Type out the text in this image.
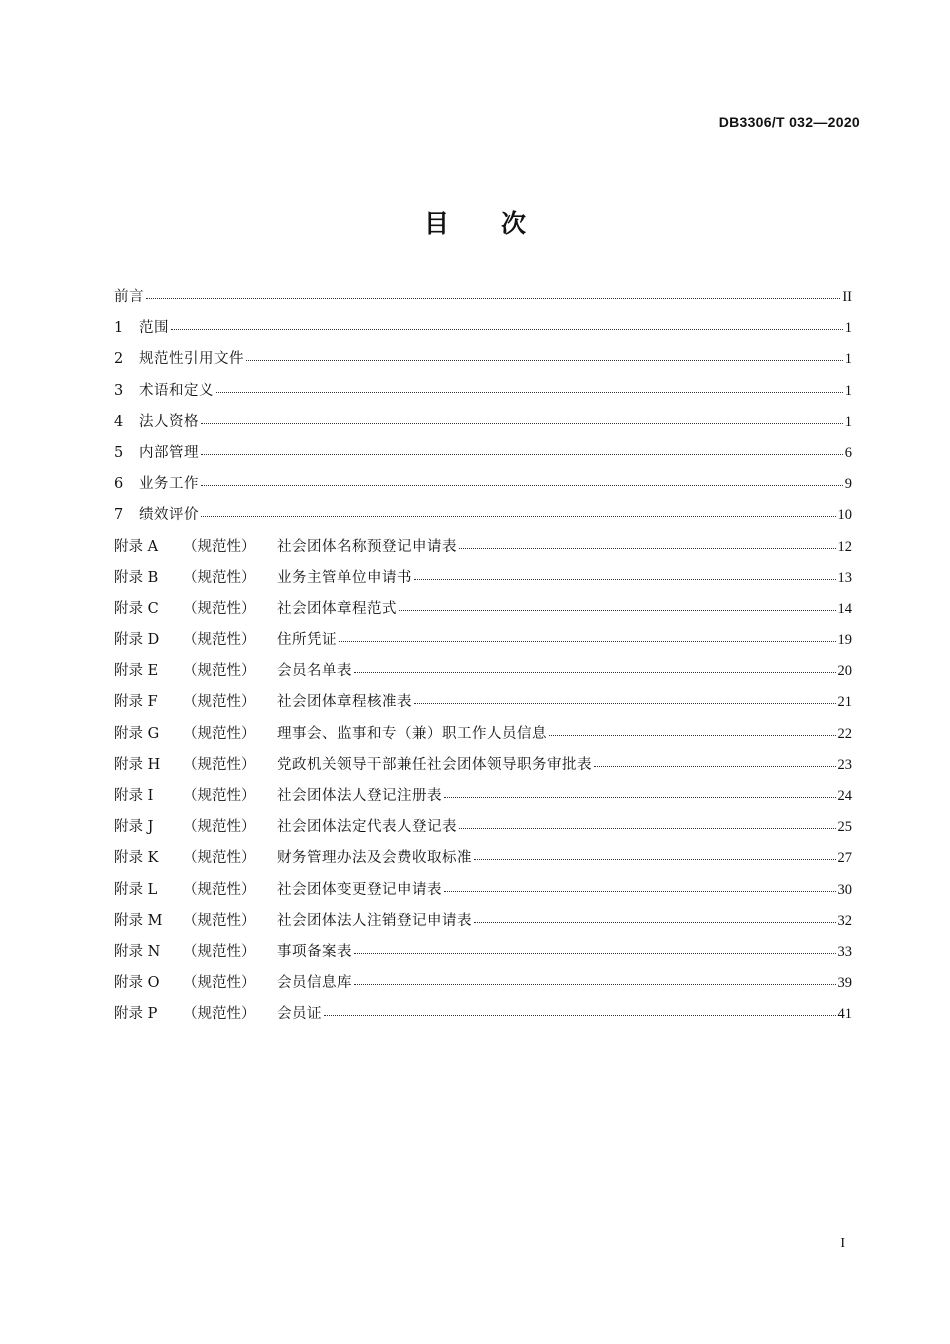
DB3306/T 032—2020
目 次
前言	II
1	范围	1
2	规范性引用文件	1
3	术语和定义	1
4	法人资格	1
5	内部管理	6
6	业务工作	9
7	绩效评价	10
附录 A	（规范性）	社会团体名称预登记申请表	12
附录 B	（规范性）	业务主管单位申请书	13
附录 C	（规范性）	社会团体章程范式	14
附录 D	（规范性）	住所凭证	19
附录 E	（规范性）	会员名单表	20
附录 F	（规范性）	社会团体章程核准表	21
附录 G	（规范性）	理事会、监事和专（兼）职工作人员信息	22
附录 H	（规范性）	党政机关领导干部兼任社会团体领导职务审批表	23
附录 I	（规范性）	社会团体法人登记注册表	24
附录 J	（规范性）	社会团体法定代表人登记表	25
附录 K	（规范性）	财务管理办法及会费收取标准	27
附录 L	（规范性）	社会团体变更登记申请表	30
附录 M	（规范性）	社会团体法人注销登记申请表	32
附录 N	（规范性）	事项备案表	33
附录 O	（规范性）	会员信息库	39
附录 P	（规范性）	会员证	41
I
